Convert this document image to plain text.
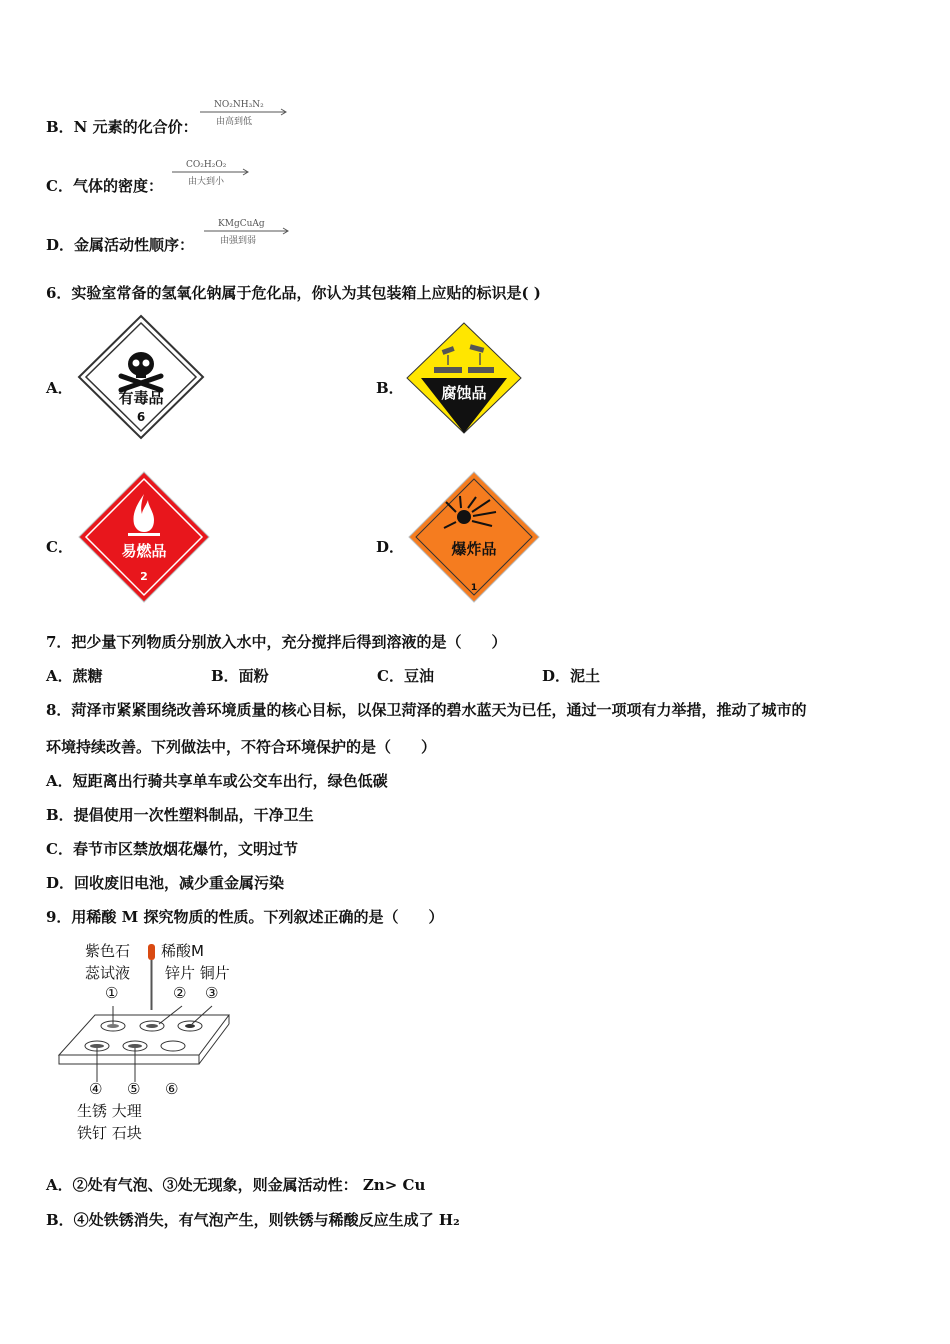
B．N 元素的化合价：
NO₂NH₃N₂
由高到低
C．气体的密度：
CO₂H₂O₂
由大到小
D．金属活动性顺序：
KMgCuAg
由强到弱
6．实验室常备的氢氧化钠属于危化品，你认为其包装箱上应贴的标识是( )
A．
有毒品
6
B．	腐蚀品
C．	易燃品
2
D．	爆炸品
1
7．把少量下列物质分别放入水中，充分搅拌后得到溶液的是（　　）
A．蔗糖	B．面粉	C．豆油	D．泥土
8．菏泽市紧紧围绕改善环境质量的核心目标，以保卫菏泽的碧水蓝天为已任，通过一项项有力举措，推动了城市的
环境持续改善。下列做法中，不符合环境保护的是（　　）
A．短距离出行骑共享单车或公交车出行，绿色低碳
B．提倡使用一次性塑料制品，干净卫生
C．春节市区禁放烟花爆竹，文明过节
D．回收废旧电池，减少重金属污染
9．用稀酸 M 探究物质的性质。下列叙述正确的是（　　）
紫色石
蕊试液
稀酸M
锌片 铜片
①	② ③
④ ⑤ ⑥
生锈 大理
铁钉 石块
A．②处有气泡、③处无现象，则金属活动性： Zn> Cu
B．④处铁锈消失，有气泡产生，则铁锈与稀酸反应生成了 H₂
